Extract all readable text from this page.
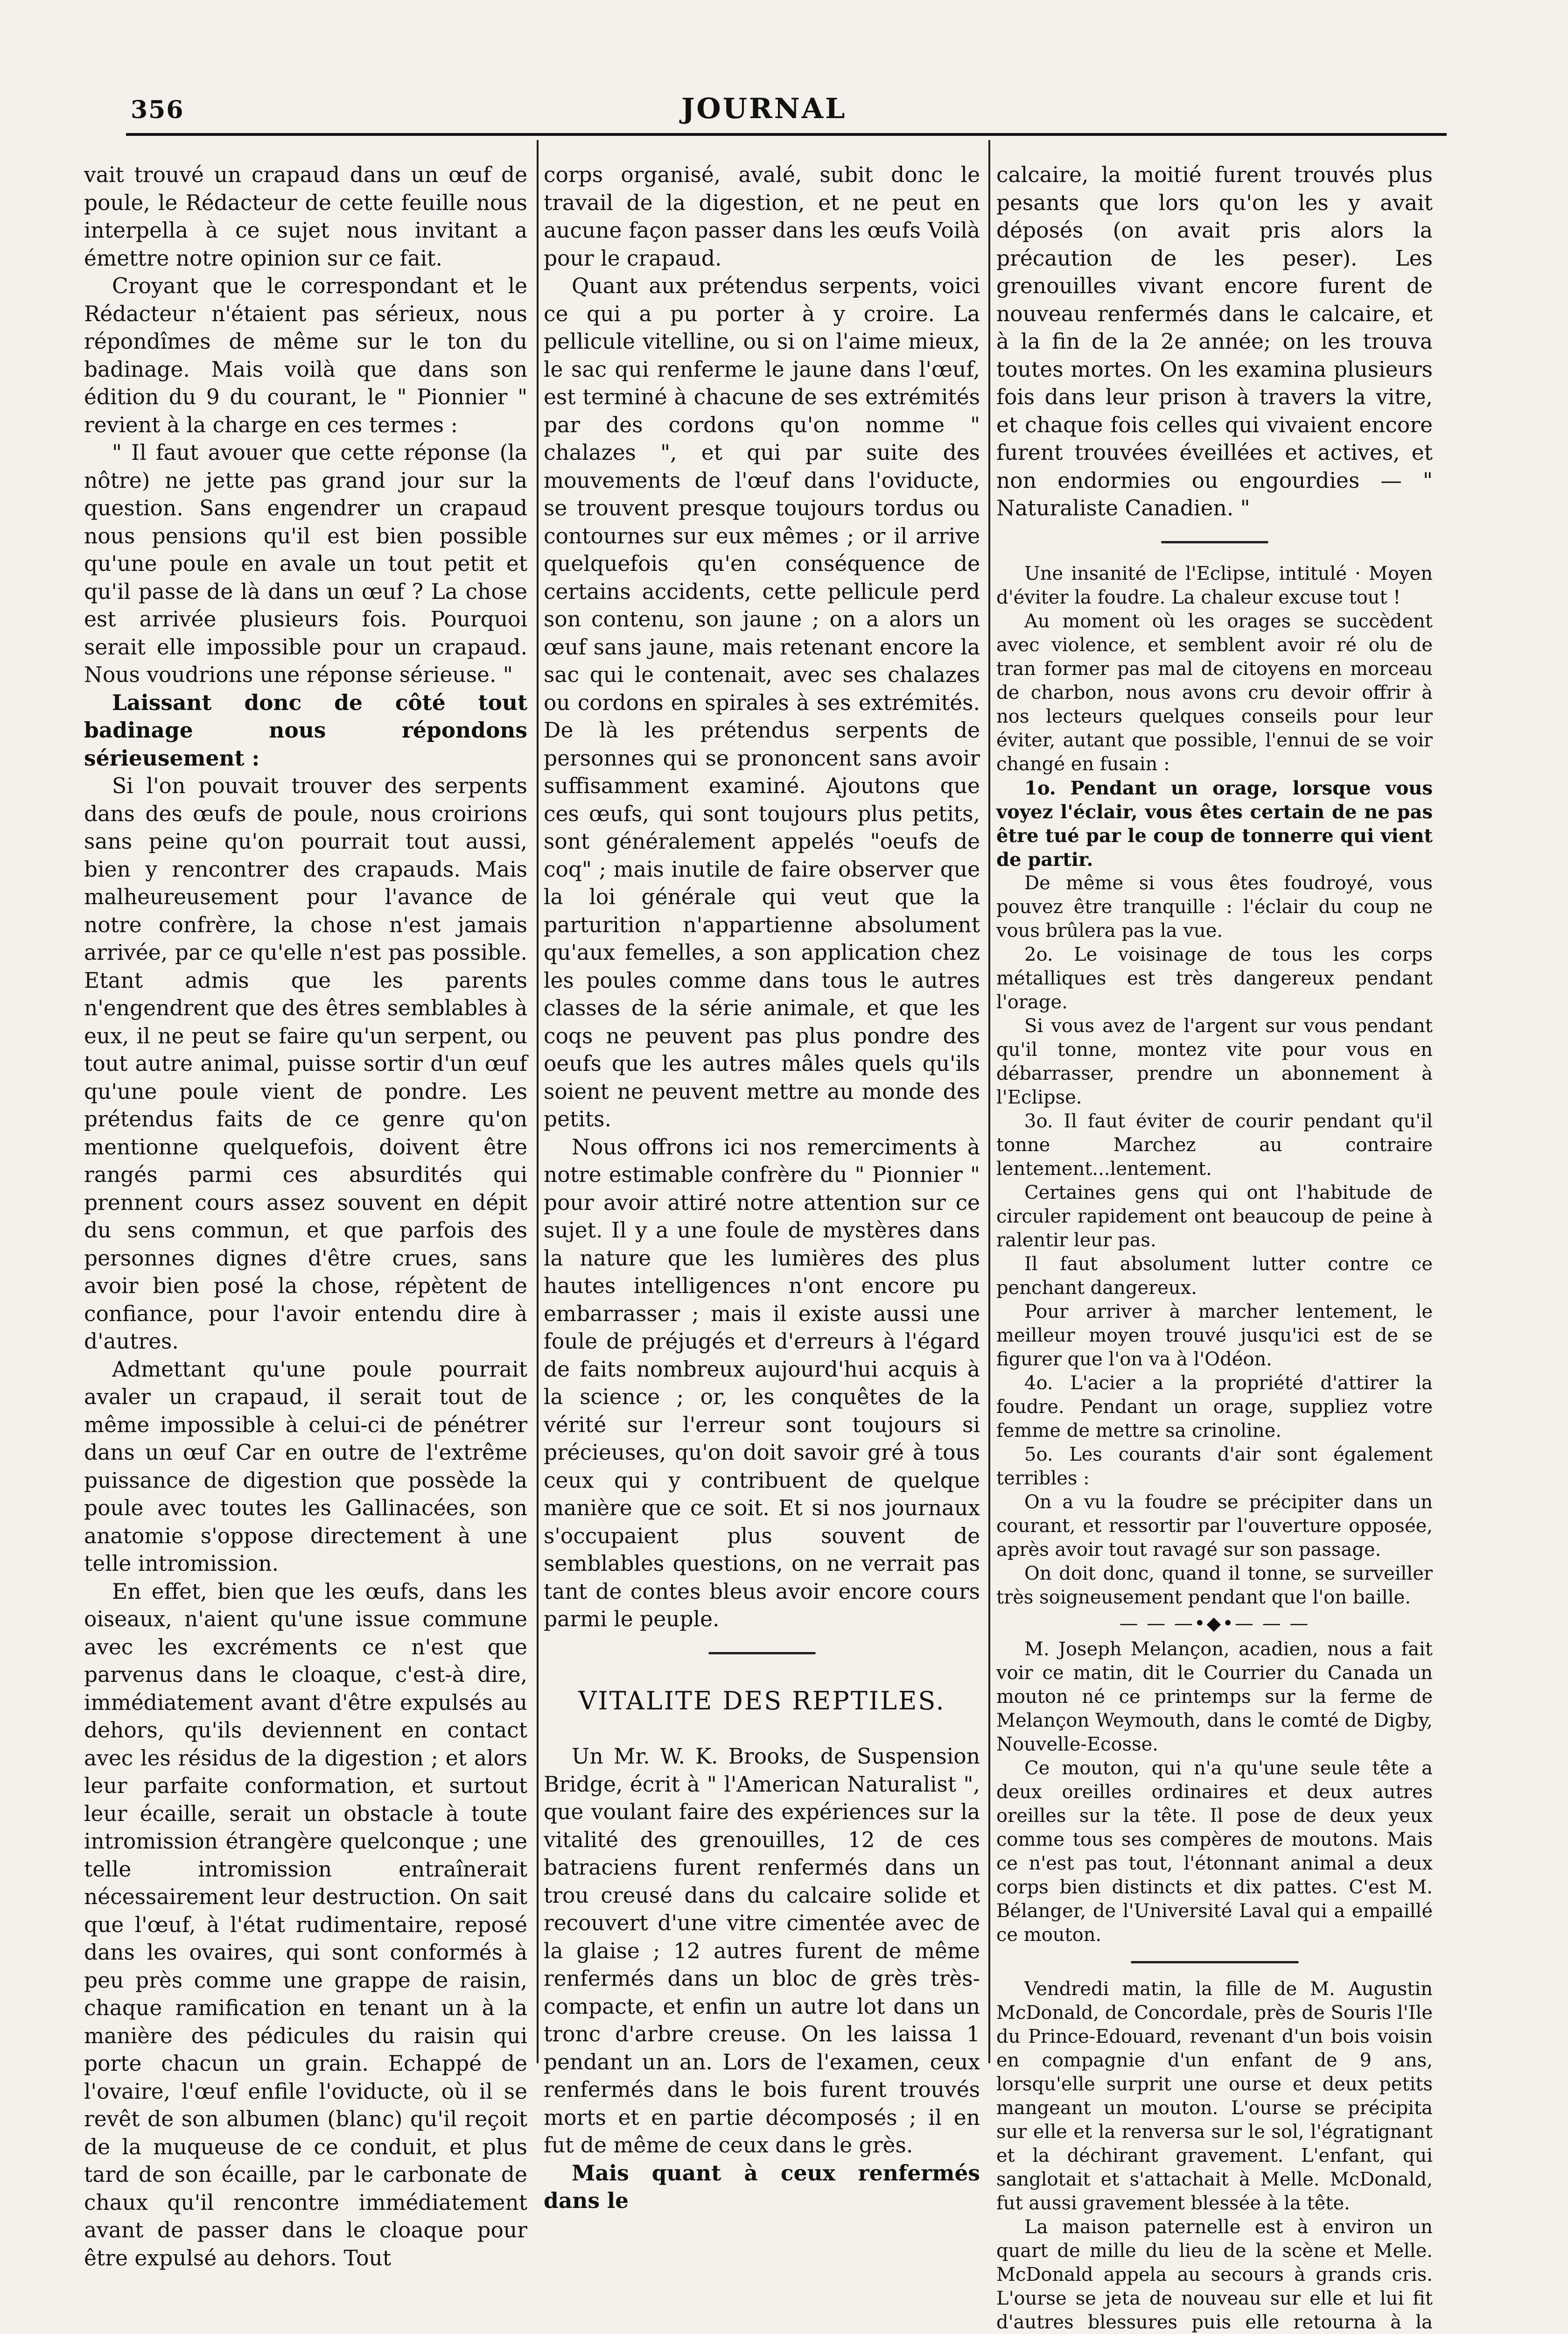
356	JOURNAL

vait trouvé un crapaud dans un œuf de poule, le Rédacteur de cette feuille nous interpella à ce sujet nous invitant a émettre notre opinion sur ce fait.

Croyant que le correspondant et le Rédacteur n'étaient pas sérieux, nous répondîmes de même sur le ton du badinage. Mais voilà que dans son édition du 9 du courant, le " Pionnier " revient à la charge en ces termes :

" Il faut avouer que cette réponse (la nôtre) ne jette pas grand jour sur la question. Sans engendrer un crapaud nous pensions qu'il est bien possible qu'une poule en avale un tout petit et qu'il passe de là dans un œuf ? La chose est arrivée plusieurs fois. Pourquoi serait elle impossible pour un crapaud. Nous voudrions une réponse sérieuse. "

Laissant donc de côté tout badinage nous répondons sérieusement :

Si l'on pouvait trouver des serpents dans des œufs de poule, nous croirions sans peine qu'on pourrait tout aussi, bien y rencontrer des crapauds. Mais malheureusement pour l'avance de notre confrère, la chose n'est jamais arrivée, par ce qu'elle n'est pas possible. Etant admis que les parents n'engendrent que des êtres semblables à eux, il ne peut se faire qu'un serpent, ou tout autre animal, puisse sortir d'un œuf qu'une poule vient de pondre. Les prétendus faits de ce genre qu'on mentionne quelquefois, doivent être rangés parmi ces absurdités qui prennent cours assez souvent en dépit du sens commun, et que parfois des personnes dignes d'être crues, sans avoir bien posé la chose, répètent de confiance, pour l'avoir entendu dire à d'autres.

Admettant qu'une poule pourrait avaler un crapaud, il serait tout de même impossible à celui-ci de pénétrer dans un œuf Car en outre de l'extrême puissance de digestion que possède la poule avec toutes les Gallinacées, son anatomie s'oppose directement à une telle intromission.

En effet, bien que les œufs, dans les oiseaux, n'aient qu'une issue commune avec les excréments ce n'est que parvenus dans le cloaque, c'est-à dire, immédiatement avant d'être expulsés au dehors, qu'ils deviennent en contact avec les résidus de la digestion ; et alors leur parfaite conformation, et surtout leur écaille, serait un obstacle à toute intromission étrangère quelconque ; une telle intromission entraînerait nécessairement leur destruction. On sait que l'œuf, à l'état rudimentaire, reposé dans les ovaires, qui sont conformés à peu près comme une grappe de raisin, chaque ramification en tenant un à la manière des pédicules du raisin qui porte chacun un grain. Echappé de l'ovaire, l'œuf enfile l'oviducte, où il se revêt de son albumen (blanc) qu'il reçoit de la muqueuse de ce conduit, et plus tard de son écaille, par le carbonate de chaux qu'il rencontre immédiatement avant de passer dans le cloaque pour être expulsé au dehors. Tout

corps organisé, avalé, subit donc le travail de la digestion, et ne peut en aucune façon passer dans les œufs Voilà pour le crapaud.

Quant aux prétendus serpents, voici ce qui a pu porter à y croire. La pellicule vitelline, ou si on l'aime mieux, le sac qui renferme le jaune dans l'œuf, est terminé à chacune de ses extrémités par des cordons qu'on nomme " chalazes ", et qui par suite des mouvements de l'œuf dans l'oviducte, se trouvent presque toujours tordus ou contournes sur eux mêmes ; or il arrive quelquefois qu'en conséquence de certains accidents, cette pellicule perd son contenu, son jaune ; on a alors un œuf sans jaune, mais retenant encore la sac qui le contenait, avec ses chalazes ou cordons en spirales à ses extrémités. De là les prétendus serpents de personnes qui se prononcent sans avoir suffisamment examiné. Ajoutons que ces œufs, qui sont toujours plus petits, sont généralement appelés "oeufs de coq" ; mais inutile de faire observer que la loi générale qui veut que la parturition n'appartienne absolument qu'aux femelles, a son application chez les poules comme dans tous le autres classes de la série animale, et que les coqs ne peuvent pas plus pondre des oeufs que les autres mâles quels qu'ils soient ne peuvent mettre au monde des petits.

Nous offrons ici nos remerciments à notre estimable confrère du " Pionnier " pour avoir attiré notre attention sur ce sujet. Il y a une foule de mystères dans la nature que les lumières des plus hautes intelligences n'ont encore pu embarrasser ; mais il existe aussi une foule de préjugés et d'erreurs à l'égard de faits nombreux aujourd'hui acquis à la science ; or, les conquêtes de la vérité sur l'erreur sont toujours si précieuses, qu'on doit savoir gré à tous ceux qui y contribuent de quelque manière que ce soit. Et si nos journaux s'occupaient plus souvent de semblables questions, on ne verrait pas tant de contes bleus avoir encore cours parmi le peuple.

VITALITE DES REPTILES.

Un Mr. W. K. Brooks, de Suspension Bridge, écrit à " l'American Naturalist ", que voulant faire des expériences sur la vitalité des grenouilles, 12 de ces batraciens furent renfermés dans un trou creusé dans du calcaire solide et recouvert d'une vitre cimentée avec de la glaise ; 12 autres furent de même renfermés dans un bloc de grès très-compacte, et enfin un autre lot dans un tronc d'arbre creuse. On les laissa 1 pendant un an. Lors de l'examen, ceux renfermés dans le bois furent trouvés morts et en partie décomposés ; il en fut de même de ceux dans le grès.

Mais quant à ceux renfermés dans le

calcaire, la moitié furent trouvés plus pesants que lors qu'on les y avait déposés (on avait pris alors la précaution de les peser). Les grenouilles vivant encore furent de nouveau renfermés dans le calcaire, et à la fin de la 2e année; on les trouva toutes mortes. On les examina plusieurs fois dans leur prison à travers la vitre, et chaque fois celles qui vivaient encore furent trouvées éveillées et actives, et non endormies ou engourdies — " Naturaliste Canadien. "

Une insanité de l'Eclipse, intitulé · Moyen d'éviter la foudre. La chaleur excuse tout !

Au moment où les orages se succèdent avec violence, et semblent avoir ré olu de tran former pas mal de citoyens en morceau de charbon, nous avons cru devoir offrir à nos lecteurs quelques conseils pour leur éviter, autant que possible, l'ennui de se voir changé en fusain :

1o. Pendant un orage, lorsque vous voyez l'éclair, vous êtes certain de ne pas être tué par le coup de tonnerre qui vient de partir.

De même si vous êtes foudroyé, vous pouvez être tranquille : l'éclair du coup ne vous brûlera pas la vue.

2o. Le voisinage de tous les corps métalliques est très dangereux pendant l'orage.

Si vous avez de l'argent sur vous pendant qu'il tonne, montez vite pour vous en débarrasser, prendre un abonnement à l'Eclipse.

3o. Il faut éviter de courir pendant qu'il tonne Marchez au contraire lentement...lentement.

Certaines gens qui ont l'habitude de circuler rapidement ont beaucoup de peine à ralentir leur pas.

Il faut absolument lutter contre ce penchant dangereux.

Pour arriver à marcher lentement, le meilleur moyen trouvé jusqu'ici est de se figurer que l'on va à l'Odéon.

4o. L'acier a la propriété d'attirer la foudre. Pendant un orage, suppliez votre femme de mettre sa crinoline.

5o. Les courants d'air sont également terribles :

On a vu la foudre se précipiter dans un courant, et ressortir par l'ouverture opposée, après avoir tout ravagé sur son passage.

On doit donc, quand il tonne, se surveiller très soigneusement pendant que l'on baille.

— — —•◆•— — —

M. Joseph Melançon, acadien, nous a fait voir ce matin, dit le Courrier du Canada un mouton né ce printemps sur la ferme de Melançon Weymouth, dans le comté de Digby, Nouvelle-Ecosse.

Ce mouton, qui n'a qu'une seule tête a deux oreilles ordinaires et deux autres oreilles sur la tête. Il pose de deux yeux comme tous ses compères de moutons. Mais ce n'est pas tout, l'étonnant animal a deux corps bien distincts et dix pattes. C'est M. Bélanger, de l'Université Laval qui a empaillé ce mouton.

Vendredi matin, la fille de M. Augustin McDonald, de Concordale, près de Souris l'Ile du Prince-Edouard, revenant d'un bois voisin en compagnie d'un enfant de 9 ans, lorsqu'elle surprit une ourse et deux petits mangeant un mouton. L'ourse se précipita sur elle et la renversa sur le sol, l'égratignant et la déchirant gravement. L'enfant, qui sanglotait et s'attachait à Melle. McDonald, fut aussi gravement blessée à la tête.

La maison paternelle est à environ un quart de mille du lieu de la scène et Melle. McDonald appela au secours à grands cris. L'ourse se jeta de nouveau sur elle et lui fit d'autres blessures puis elle retourna à la
